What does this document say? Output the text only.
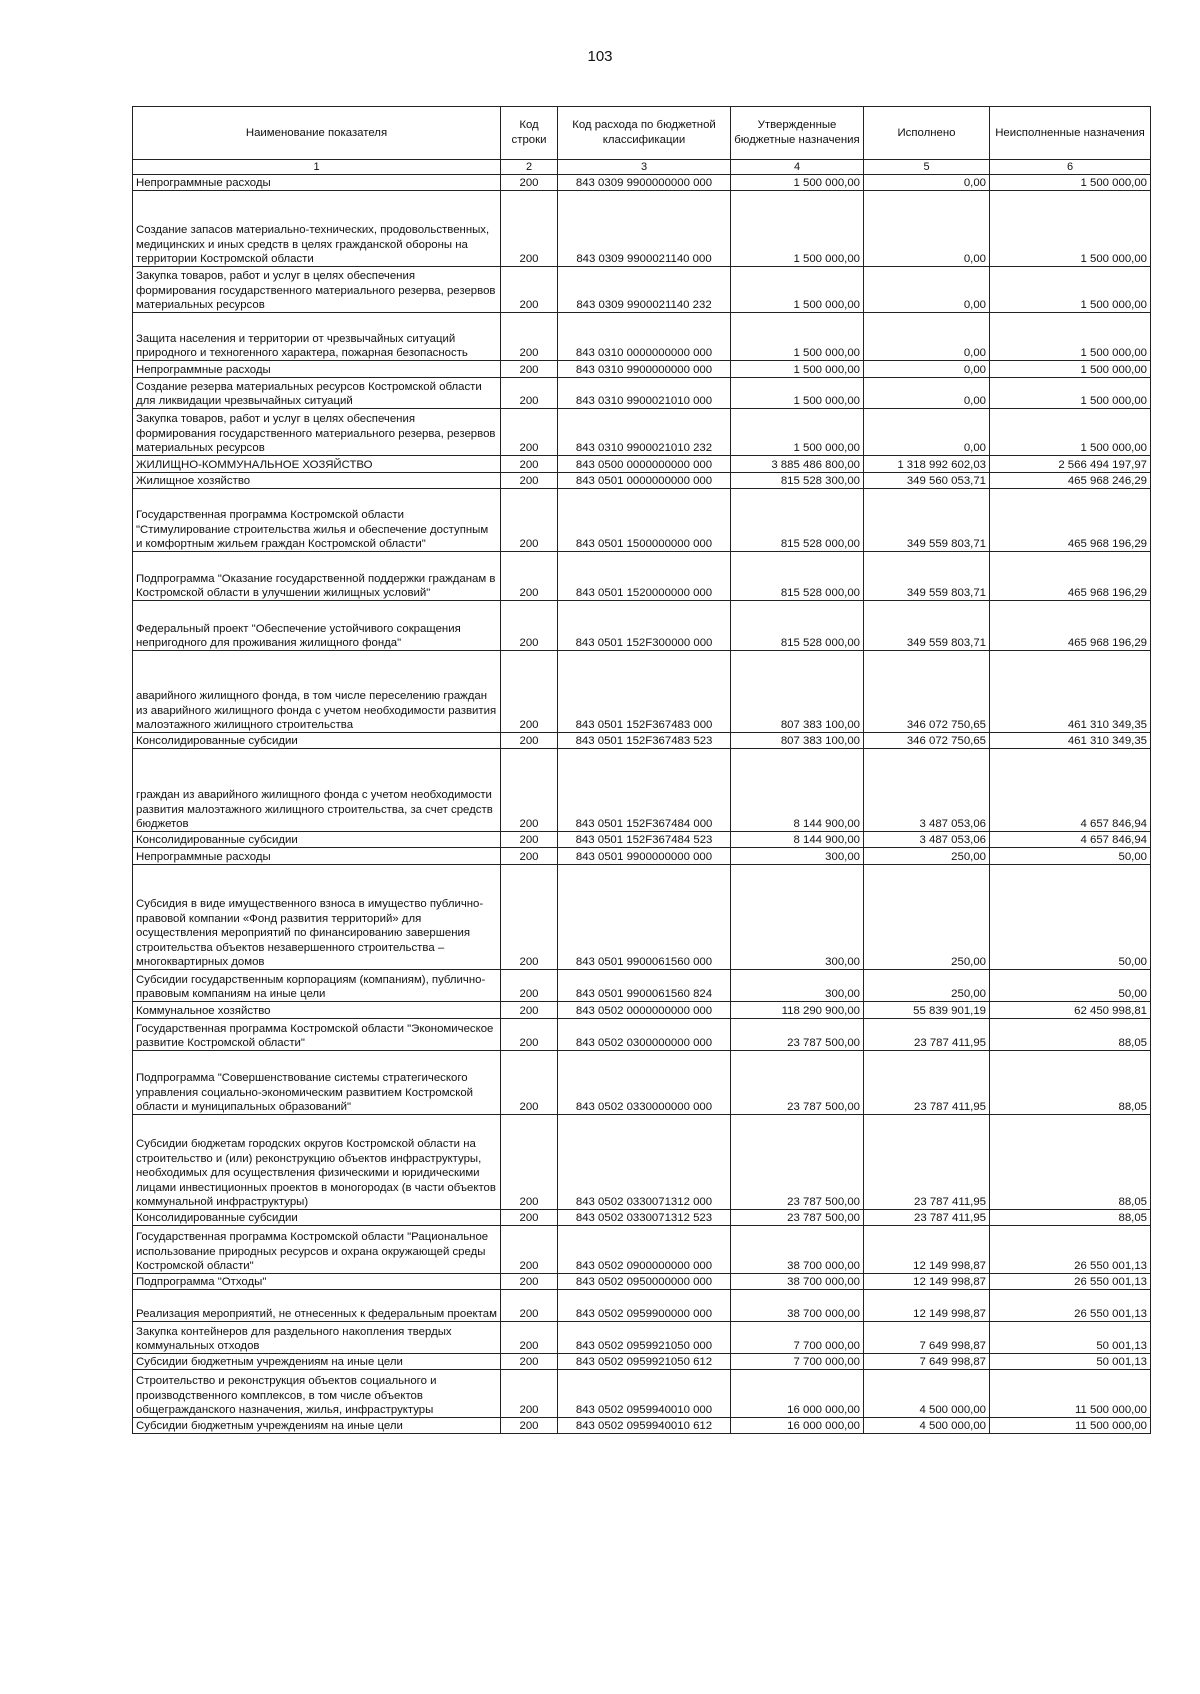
103
Наименование показателя	Код строки	Код расхода по бюджетной классификации	Утвержденные бюджетные назначения	Исполнено	Неисполненные назначения
1	2	3	4	5	6
Непрограммные расходы	200	843 0309 9900000000 000	1 500 000,00	0,00	1 500 000,00
Создание запасов материально-технических, продовольственных, медицинских и иных средств в целях гражданской обороны на территории Костромской области	200	843 0309 9900021140 000	1 500 000,00	0,00	1 500 000,00
Закупка товаров, работ и услуг в целях обеспечения формирования государственного материального резерва, резервов материальных ресурсов	200	843 0309 9900021140 232	1 500 000,00	0,00	1 500 000,00
Защита населения и территории от чрезвычайных ситуаций природного и техногенного характера, пожарная безопасность	200	843 0310 0000000000 000	1 500 000,00	0,00	1 500 000,00
Непрограммные расходы	200	843 0310 9900000000 000	1 500 000,00	0,00	1 500 000,00
Создание резерва материальных ресурсов Костромской области для ликвидации чрезвычайных ситуаций	200	843 0310 9900021010 000	1 500 000,00	0,00	1 500 000,00
Закупка товаров, работ и услуг в целях обеспечения формирования государственного материального резерва, резервов материальных ресурсов	200	843 0310 9900021010 232	1 500 000,00	0,00	1 500 000,00
ЖИЛИЩНО-КОММУНАЛЬНОЕ ХОЗЯЙСТВО	200	843 0500 0000000000 000	3 885 486 800,00	1 318 992 602,03	2 566 494 197,97
Жилищное хозяйство	200	843 0501 0000000000 000	815 528 300,00	349 560 053,71	465 968 246,29
Государственная программа Костромской области "Стимулирование строительства жилья и обеспечение доступным и комфортным жильем граждан Костромской области"	200	843 0501 1500000000 000	815 528 000,00	349 559 803,71	465 968 196,29
Подпрограмма "Оказание государственной поддержки гражданам в Костромской области в улучшении жилищных условий"	200	843 0501 1520000000 000	815 528 000,00	349 559 803,71	465 968 196,29
Федеральный проект "Обеспечение устойчивого сокращения непригодного для проживания жилищного фонда"	200	843 0501 152F300000 000	815 528 000,00	349 559 803,71	465 968 196,29
аварийного жилищного фонда, в том числе переселению граждан из аварийного жилищного фонда с учетом необходимости развития малоэтажного жилищного строительства	200	843 0501 152F367483 000	807 383 100,00	346 072 750,65	461 310 349,35
Консолидированные субсидии	200	843 0501 152F367483 523	807 383 100,00	346 072 750,65	461 310 349,35
граждан из аварийного жилищного фонда с учетом необходимости развития малоэтажного жилищного строительства, за счет средств бюджетов	200	843 0501 152F367484 000	8 144 900,00	3 487 053,06	4 657 846,94
Консолидированные субсидии	200	843 0501 152F367484 523	8 144 900,00	3 487 053,06	4 657 846,94
Непрограммные расходы	200	843 0501 9900000000 000	300,00	250,00	50,00
Субсидия в виде имущественного взноса в имущество публично-правовой компании «Фонд развития территорий» для осуществления мероприятий по финансированию завершения строительства объектов незавершенного строительства – многоквартирных домов	200	843 0501 9900061560 000	300,00	250,00	50,00
Субсидии государственным корпорациям (компаниям), публично-правовым компаниям на иные цели	200	843 0501 9900061560 824	300,00	250,00	50,00
Коммунальное хозяйство	200	843 0502 0000000000 000	118 290 900,00	55 839 901,19	62 450 998,81
Государственная программа Костромской области "Экономическое развитие Костромской области"	200	843 0502 0300000000 000	23 787 500,00	23 787 411,95	88,05
Подпрограмма "Совершенствование системы стратегического управления социально-экономическим развитием Костромской области и муниципальных образований"	200	843 0502 0330000000 000	23 787 500,00	23 787 411,95	88,05
Субсидии бюджетам городских округов Костромской области на строительство и (или) реконструкцию объектов инфраструктуры, необходимых для осуществления физическими и юридическими лицами инвестиционных проектов в моногородах (в части объектов коммунальной инфраструктуры)	200	843 0502 0330071312 000	23 787 500,00	23 787 411,95	88,05
Консолидированные субсидии	200	843 0502 0330071312 523	23 787 500,00	23 787 411,95	88,05
Государственная программа Костромской области "Рациональное использование природных ресурсов и охрана окружающей среды Костромской области"	200	843 0502 0900000000 000	38 700 000,00	12 149 998,87	26 550 001,13
Подпрограмма "Отходы"	200	843 0502 0950000000 000	38 700 000,00	12 149 998,87	26 550 001,13
Реализация мероприятий, не отнесенных к федеральным проектам	200	843 0502 0959900000 000	38 700 000,00	12 149 998,87	26 550 001,13
Закупка контейнеров для раздельного накопления твердых коммунальных отходов	200	843 0502 0959921050 000	7 700 000,00	7 649 998,87	50 001,13
Субсидии бюджетным учреждениям на иные цели	200	843 0502 0959921050 612	7 700 000,00	7 649 998,87	50 001,13
Строительство и реконструкция объектов социального и производственного комплексов, в том числе объектов общегражданского назначения, жилья, инфраструктуры	200	843 0502 0959940010 000	16 000 000,00	4 500 000,00	11 500 000,00
Субсидии бюджетным учреждениям на иные цели	200	843 0502 0959940010 612	16 000 000,00	4 500 000,00	11 500 000,00
